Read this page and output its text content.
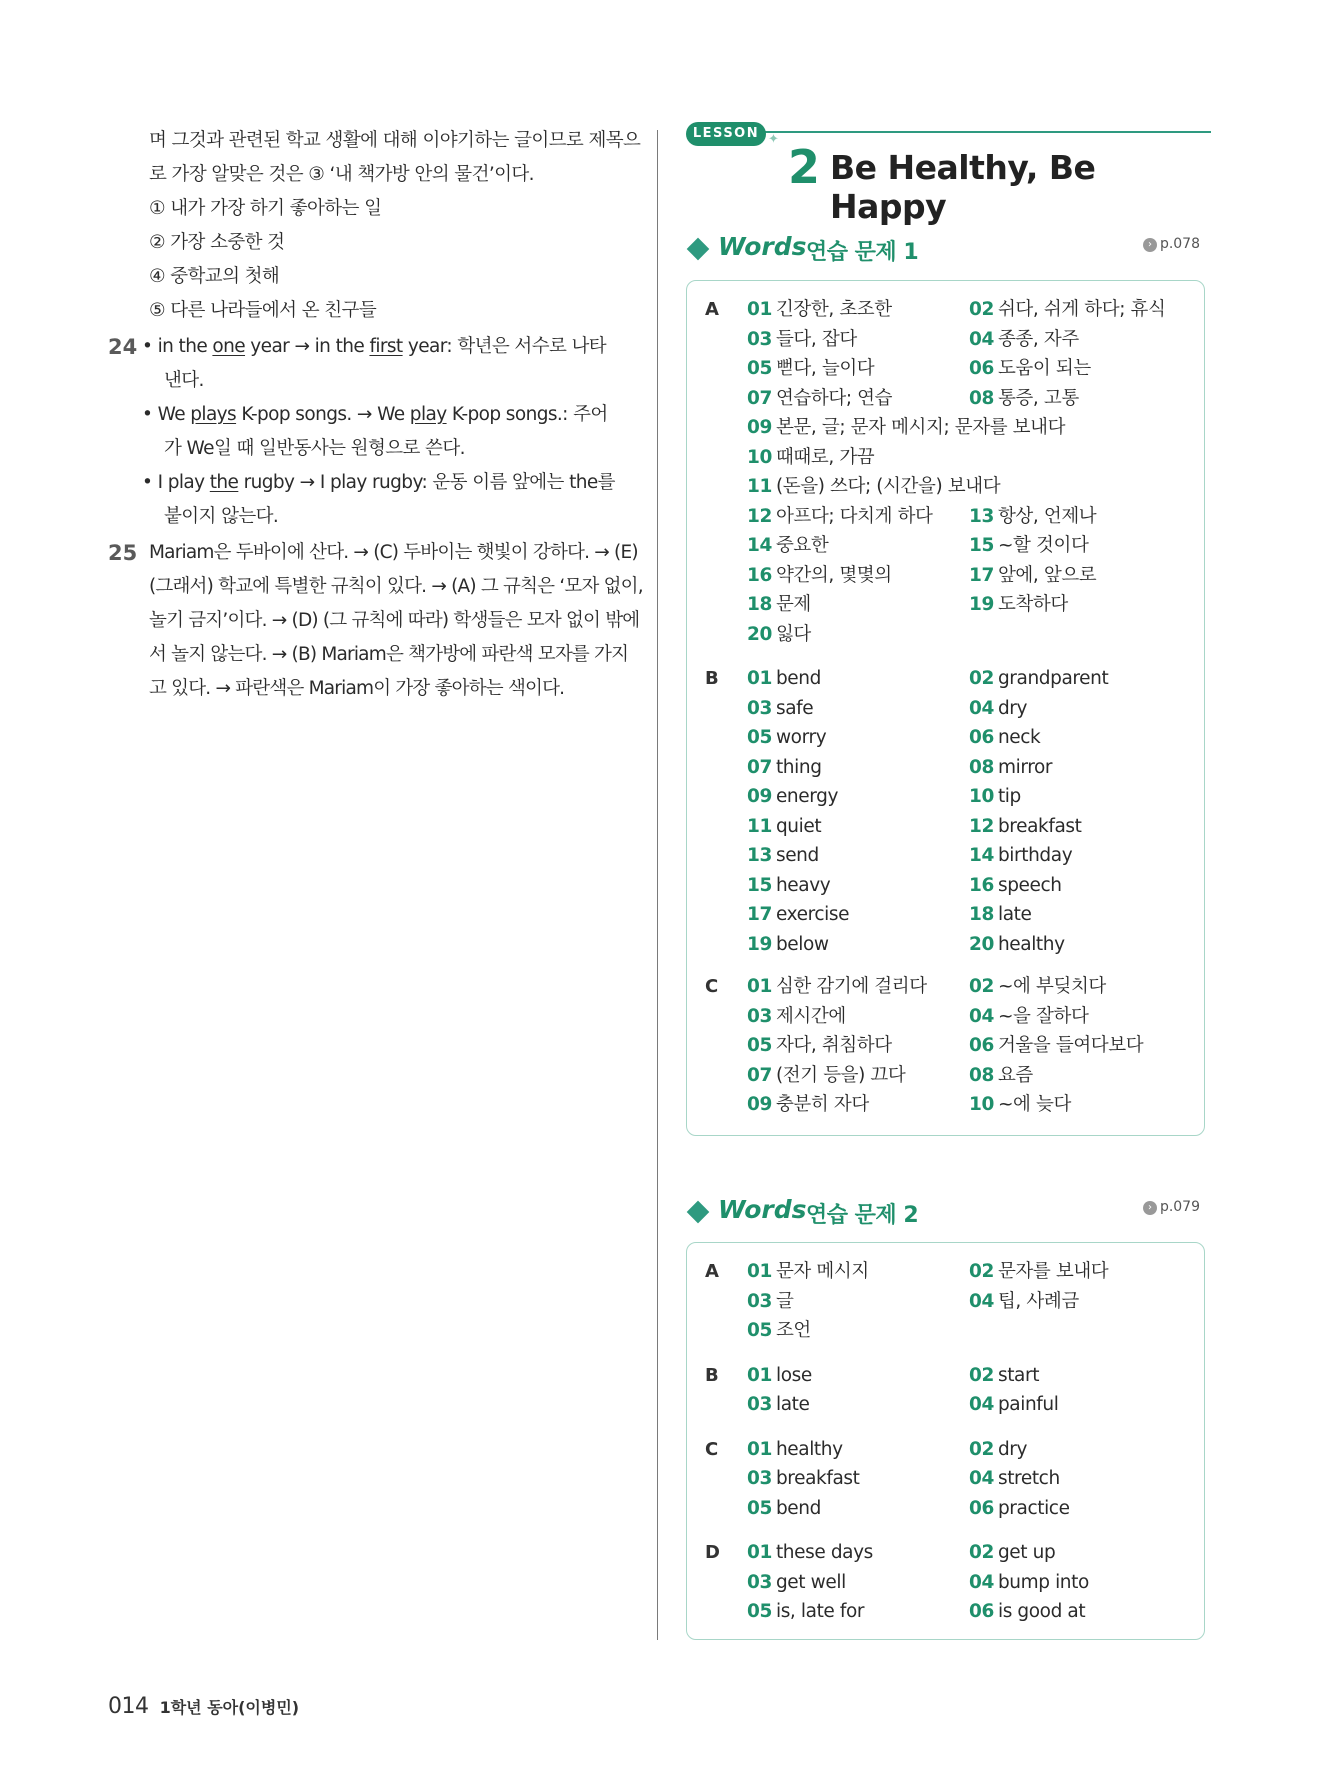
며 그것과 관련된 학교 생활에 대해 이야기하는 글이므로 제목으
로 가장 알맞은 것은 ③ ‘내 책가방 안의 물건’이다.
① 내가 가장 하기 좋아하는 일
② 가장 소중한 것
④ 중학교의 첫해
⑤ 다른 나라들에서 온 친구들
24 • in the one year → in the first year: 학년은 서수로 나타
낸다.
• We plays K-pop songs. → We play K-pop songs.: 주어
가 We일 때 일반동사는 원형으로 쓴다.
• I play the rugby → I play rugby: 운동 이름 앞에는 the를
붙이지 않는다.
25 Mariam은 두바이에 산다. → (C) 두바이는 햇빛이 강하다. → (E)
(그래서) 학교에 특별한 규칙이 있다. → (A) 그 규칙은 ‘모자 없이,
놀기 금지’이다. → (D) (그 규칙에 따라) 학생들은 모자 없이 밖에
서 놀지 않는다. → (B) Mariam은 책가방에 파란색 모자를 가지
고 있다. → 파란색은 Mariam이 가장 좋아하는 색이다.
LESSON ✦
2 Be Healthy, Be Happy
Words 연습 문제 1	› p.078
A 01 긴장한, 초조한	02 쉬다, 쉬게 하다; 휴식
03 들다, 잡다	04 종종, 자주
05 뻗다, 늘이다	06 도움이 되는
07 연습하다; 연습	08 통증, 고통
09 본문, 글; 문자 메시지; 문자를 보내다
10 때때로, 가끔
11 (돈을) 쓰다; (시간을) 보내다
12 아프다; 다치게 하다	13 항상, 언제나
14 중요한	15 ~할 것이다
16 약간의, 몇몇의	17 앞에, 앞으로
18 문제	19 도착하다
20 잃다
B 01 bend	02 grandparent
03 safe	04 dry
05 worry	06 neck
07 thing	08 mirror
09 energy	10 tip
11 quiet	12 breakfast
13 send	14 birthday
15 heavy	16 speech
17 exercise	18 late
19 below	20 healthy
C 01 심한 감기에 걸리다	02 ~에 부딪치다
03 제시간에	04 ~을 잘하다
05 자다, 취침하다	06 거울을 들여다보다
07 (전기 등을) 끄다	08 요즘
09 충분히 자다	10 ~에 늦다
Words 연습 문제 2	› p.079
A 01 문자 메시지	02 문자를 보내다
03 글	04 팁, 사례금
05 조언
B 01 lose	02 start
03 late	04 painful
C 01 healthy	02 dry
03 breakfast	04 stretch
05 bend	06 practice
D 01 these days	02 get up
03 get well	04 bump into
05 is, late for	06 is good at
014 1학년 동아(이병민)
